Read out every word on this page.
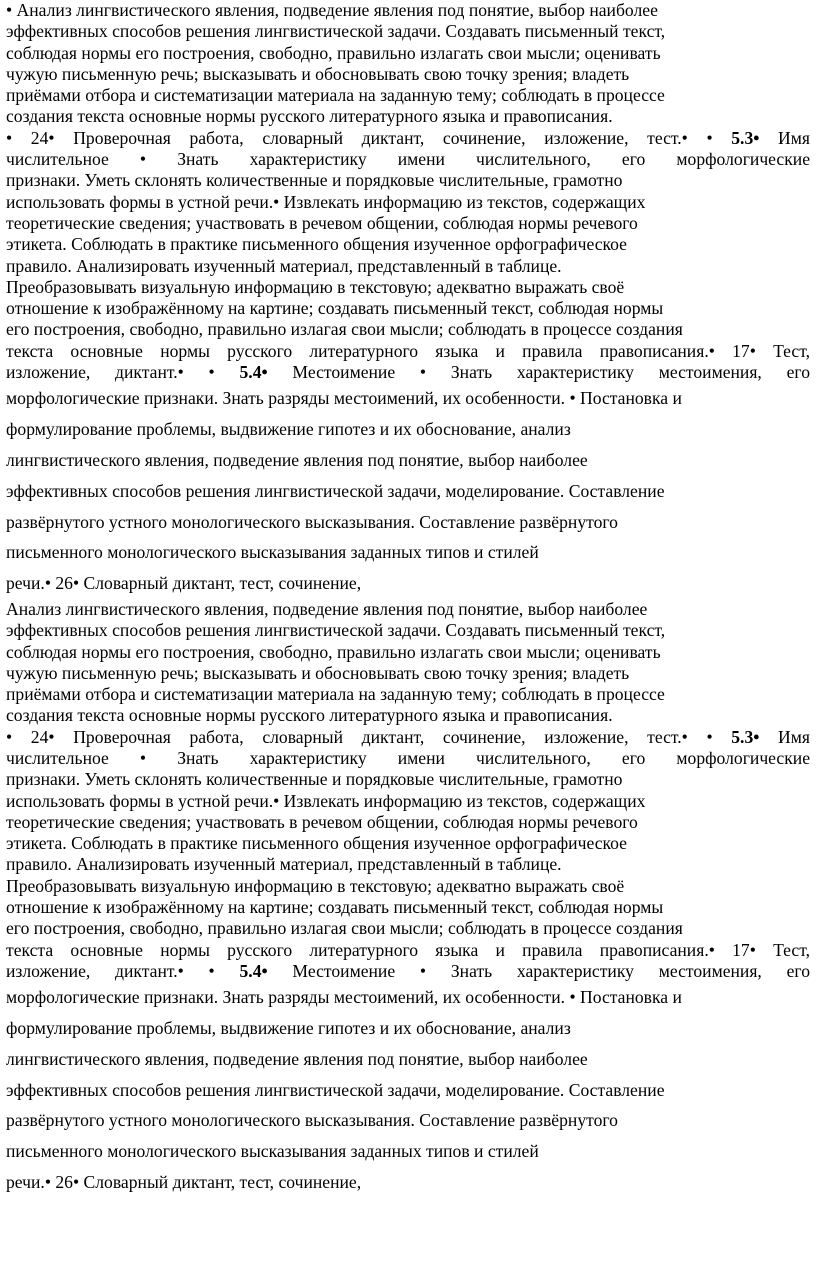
• Анализ лингвистического явления, подведение явления под понятие, выбор наиболее
эффективных способов решения лингвистической задачи. Создавать письменный текст,
соблюдая нормы его построения, свободно, правильно излагать свои мысли; оценивать
чужую письменную речь; высказывать и обосновывать свою точку зрения; владеть
приёмами отбора и систематизации материала на заданную тему; соблюдать в процессе
создания текста основные нормы русского литературного языка и правописания.
• 24• Проверочная работа, словарный диктант, сочинение, изложение, тест.• • 5.3• Имя
числительное • Знать характеристику имени числительного, его морфологические
признаки. Уметь склонять количественные и порядковые числительные, грамотно
использовать формы в устной речи.• Извлекать информацию из текстов, содержащих
теоретические сведения; участвовать в речевом общении, соблюдая нормы речевого
этикета. Соблюдать в практике письменного общения изученное орфографическое
правило. Анализировать изученный материал, представленный в таблице.
Преобразовывать визуальную информацию в текстовую; адекватно выражать своё
отношение к изображённому на картине; создавать письменный текст, соблюдая нормы
его построения, свободно, правильно излагая свои мысли; соблюдать в процессе создания
текста основные нормы русского литературного языка и правила правописания.• 17• Тест,
изложение, диктант.• • 5.4• Местоимение • Знать характеристику местоимения, его
морфологические признаки. Знать разряды местоимений, их особенности. • Постановка и
формулирование проблемы, выдвижение гипотез и их обоснование, анализ
лингвистического явления, подведение явления под понятие, выбор наиболее
эффективных способов решения лингвистической задачи, моделирование. Составление
развёрнутого устного монологического высказывания. Составление развёрнутого
письменного монологического высказывания заданных типов и стилей
речи.• 26• Словарный диктант, тест, сочинение,
Анализ лингвистического явления, подведение явления под понятие, выбор наиболее
эффективных способов решения лингвистической задачи. Создавать письменный текст,
соблюдая нормы его построения, свободно, правильно излагать свои мысли; оценивать
чужую письменную речь; высказывать и обосновывать свою точку зрения; владеть
приёмами отбора и систематизации материала на заданную тему; соблюдать в процессе
создания текста основные нормы русского литературного языка и правописания.
• 24• Проверочная работа, словарный диктант, сочинение, изложение, тест.• • 5.3• Имя
числительное • Знать характеристику имени числительного, его морфологические
признаки. Уметь склонять количественные и порядковые числительные, грамотно
использовать формы в устной речи.• Извлекать информацию из текстов, содержащих
теоретические сведения; участвовать в речевом общении, соблюдая нормы речевого
этикета. Соблюдать в практике письменного общения изученное орфографическое
правило. Анализировать изученный материал, представленный в таблице.
Преобразовывать визуальную информацию в текстовую; адекватно выражать своё
отношение к изображённому на картине; создавать письменный текст, соблюдая нормы
его построения, свободно, правильно излагая свои мысли; соблюдать в процессе создания
текста основные нормы русского литературного языка и правила правописания.• 17• Тест,
изложение, диктант.• • 5.4• Местоимение • Знать характеристику местоимения, его
морфологические признаки. Знать разряды местоимений, их особенности. • Постановка и
формулирование проблемы, выдвижение гипотез и их обоснование, анализ
лингвистического явления, подведение явления под понятие, выбор наиболее
эффективных способов решения лингвистической задачи, моделирование. Составление
развёрнутого устного монологического высказывания. Составление развёрнутого
письменного монологического высказывания заданных типов и стилей
речи.• 26• Словарный диктант, тест, сочинение,
